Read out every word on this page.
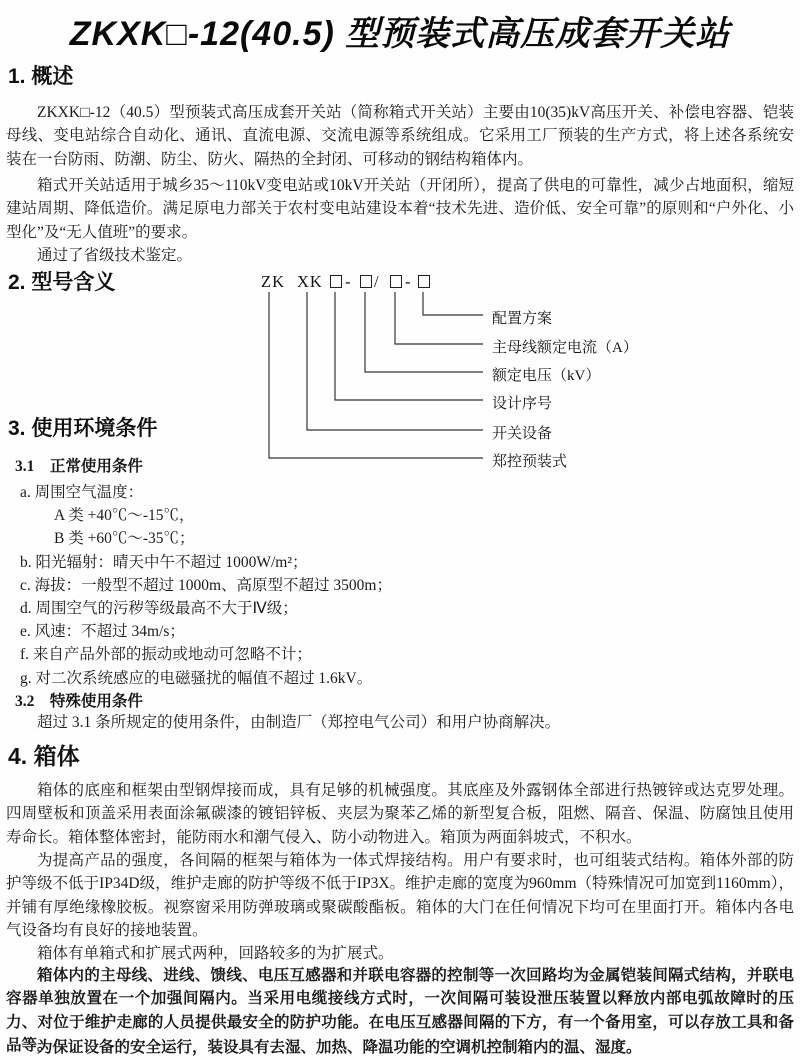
ZKXK□-12(40.5) 型预装式高压成套开关站
1. 概述
ZKXK□-12（40.5）型预装式高压成套开关站（简称箱式开关站）主要由10(35)kV高压开关、补偿电容器、铠装母线、变电站综合自动化、通讯、直流电源、交流电源等系统组成。它采用工厂预装的生产方式，将上述各系统安装在一台防雨、防潮、防尘、防火、隔热的全封闭、可移动的钢结构箱体内。
箱式开关站适用于城乡35～110kV变电站或10kV开关站（开闭所），提高了供电的可靠性，减少占地面积，缩短建站周期、降低造价。满足原电力部关于农村变电站建设本着“技术先进、造价低、安全可靠”的原则和“户外化、小型化”及“无人值班”的要求。
通过了省级技术鉴定。
2. 型号含义	ZK XK - / -
配置方案
主母线额定电流（A）
额定电压（kV）
设计序号
开关设备
郑控预装式
3. 使用环境条件
3.1　正常使用条件
a. 周围空气温度：
A 类 +40℃～-15℃，
B 类 +60℃～-35℃；
b. 阳光辐射：晴天中午不超过 1000W/m²；
c. 海拔：一般型不超过 1000m、高原型不超过 3500m；
d. 周围空气的污秽等级最高不大于Ⅳ级；
e. 风速：不超过 34m/s；
f. 来自产品外部的振动或地动可忽略不计；
g. 对二次系统感应的电磁骚扰的幅值不超过 1.6kV。
3.2　特殊使用条件
超过 3.1 条所规定的使用条件，由制造厂（郑控电气公司）和用户协商解决。
4. 箱体
箱体的底座和框架由型钢焊接而成，具有足够的机械强度。其底座及外露钢体全部进行热镀锌或达克罗处理。四周壁板和顶盖采用表面涂氟碳漆的镀铝锌板、夹层为聚苯乙烯的新型复合板，阻燃、隔音、保温、防腐蚀且使用寿命长。箱体整体密封，能防雨水和潮气侵入、防小动物进入。箱顶为两面斜坡式，不积水。
为提高产品的强度，各间隔的框架与箱体为一体式焊接结构。用户有要求时，也可组装式结构。箱体外部的防护等级不低于IP34D级，维护走廊的防护等级不低于IP3X。维护走廊的宽度为960mm（特殊情况可加宽到1160mm），并铺有厚绝缘橡胶板。视察窗采用防弹玻璃或聚碳酸酯板。箱体的大门在任何情况下均可在里面打开。箱体内各电气设备均有良好的接地装置。
箱体有单箱式和扩展式两种，回路较多的为扩展式。
箱体内的主母线、进线、馈线、电压互感器和并联电容器的控制等一次回路均为金属铠装间隔式结构，并联电容器单独放置在一个加强间隔内。当采用电缆接线方式时，一次间隔可装设泄压装置以释放内部电弧故障时的压力、对位于维护走廊的人员提供最安全的防护功能。在电压互感器间隔的下方，有一个备用室，可以存放工具和备品等。
为保证设备的安全运行，装设具有去湿、加热、降温功能的空调机控制箱内的温、湿度。
